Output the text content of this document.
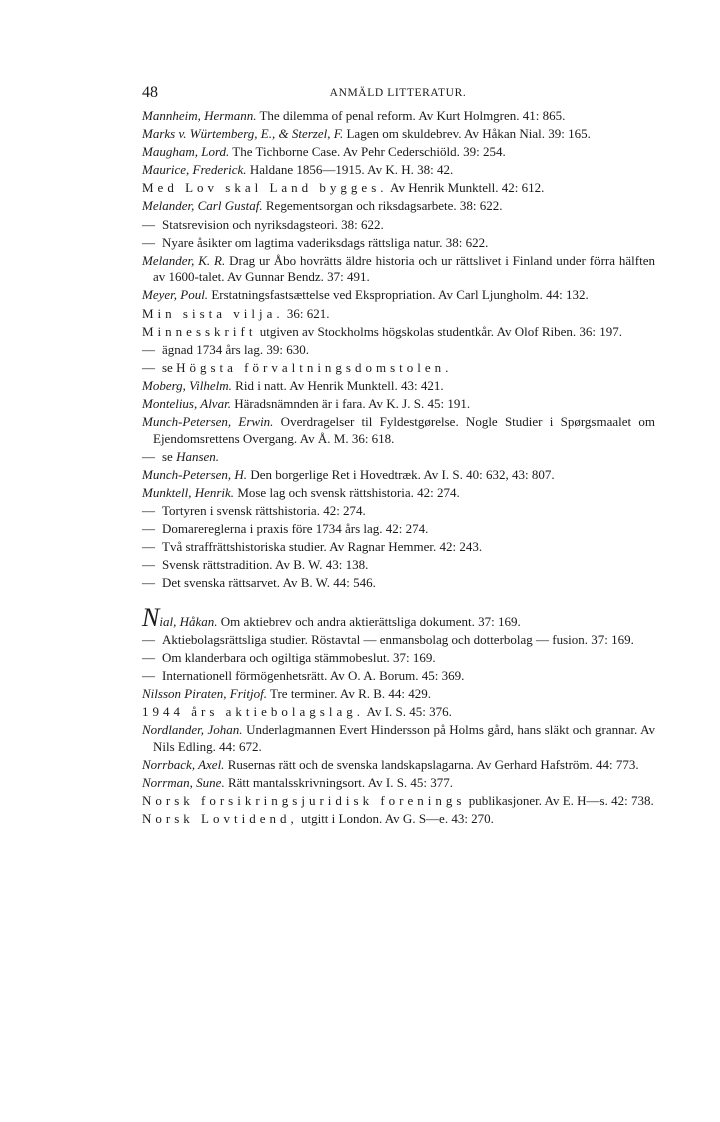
48	ANMÄLD LITTERATUR.
Mannheim, Hermann. The dilemma of penal reform. Av Kurt Holmgren. 41: 865.
Marks v. Würtemberg, E., & Sterzel, F. Lagen om skuldebrev. Av Håkan Nial. 39: 165.
Maugham, Lord. The Tichborne Case. Av Pehr Cederschiöld. 39: 254.
Maurice, Frederick. Haldane 1856—1915. Av K. H. 38: 42.
Med Lov skal Land bygges. Av Henrik Munktell. 42: 612.
Melander, Carl Gustaf. Regementsorgan och riksdagsarbete. 38: 622.
— Statsrevision och nyriksdagsteori. 38: 622.
— Nyare åsikter om lagtima vaderiksdags rättsliga natur. 38: 622.
Melander, K. R. Drag ur Åbo hovrätts äldre historia och ur rättslivet i Finland under förra hälften av 1600-talet. Av Gunnar Bendz. 37: 491.
Meyer, Poul. Erstatningsfastsættelse ved Ekspropriation. Av Carl Ljungholm. 44: 132.
Min sista vilja. 36: 621.
Minnesskrift utgiven av Stockholms högskolas studentkår. Av Olof Riben. 36: 197.
— ägnad 1734 års lag. 39: 630.
— se Högsta förvaltningsdomstolen.
Moberg, Vilhelm. Rid i natt. Av Henrik Munktell. 43: 421.
Montelius, Alvar. Häradsnämnden är i fara. Av K. J. S. 45: 191.
Munch-Petersen, Erwin. Overdragelser til Fyldestgørelse. Nogle Studier i Spørgsmaalet om Ejendomsrettens Overgang. Av Å. M. 36: 618.
— se Hansen.
Munch-Petersen, H. Den borgerlige Ret i Hovedtræk. Av I. S. 40: 632, 43: 807.
Munktell, Henrik. Mose lag och svensk rättshistoria. 42: 274.
— Tortyren i svensk rättshistoria. 42: 274.
— Domarereglerna i praxis före 1734 års lag. 42: 274.
— Två straffrättshistoriska studier. Av Ragnar Hemmer. 42: 243.
— Svensk rättstradition. Av B. W. 43: 138.
— Det svenska rättsarvet. Av B. W. 44: 546.
Nial, Håkan. Om aktiebrev och andra aktierättsliga dokument. 37: 169.
— Aktiebolagsrättsliga studier. Röstavtal — enmansbolag och dotterbolag — fusion. 37: 169.
— Om klanderbara och ogiltiga stämmobeslut. 37: 169.
— Internationell förmögenhetsrätt. Av O. A. Borum. 45: 369.
Nilsson Piraten, Fritjof. Tre terminer. Av R. B. 44: 429.
1944 års aktiebolagslag. Av I. S. 45: 376.
Nordlander, Johan. Underlagmannen Evert Hindersson på Holms gård, hans släkt och grannar. Av Nils Edling. 44: 672.
Norrback, Axel. Rusernas rätt och de svenska landskapslagarna. Av Gerhard Hafström. 44: 773.
Norrman, Sune. Rätt mantalsskrivningsort. Av I. S. 45: 377.
Norsk forsikringsjuridisk forenings publikasjoner. Av E. H—s. 42: 738.
Norsk Lovtidend, utgitt i London. Av G. S—e. 43: 270.
